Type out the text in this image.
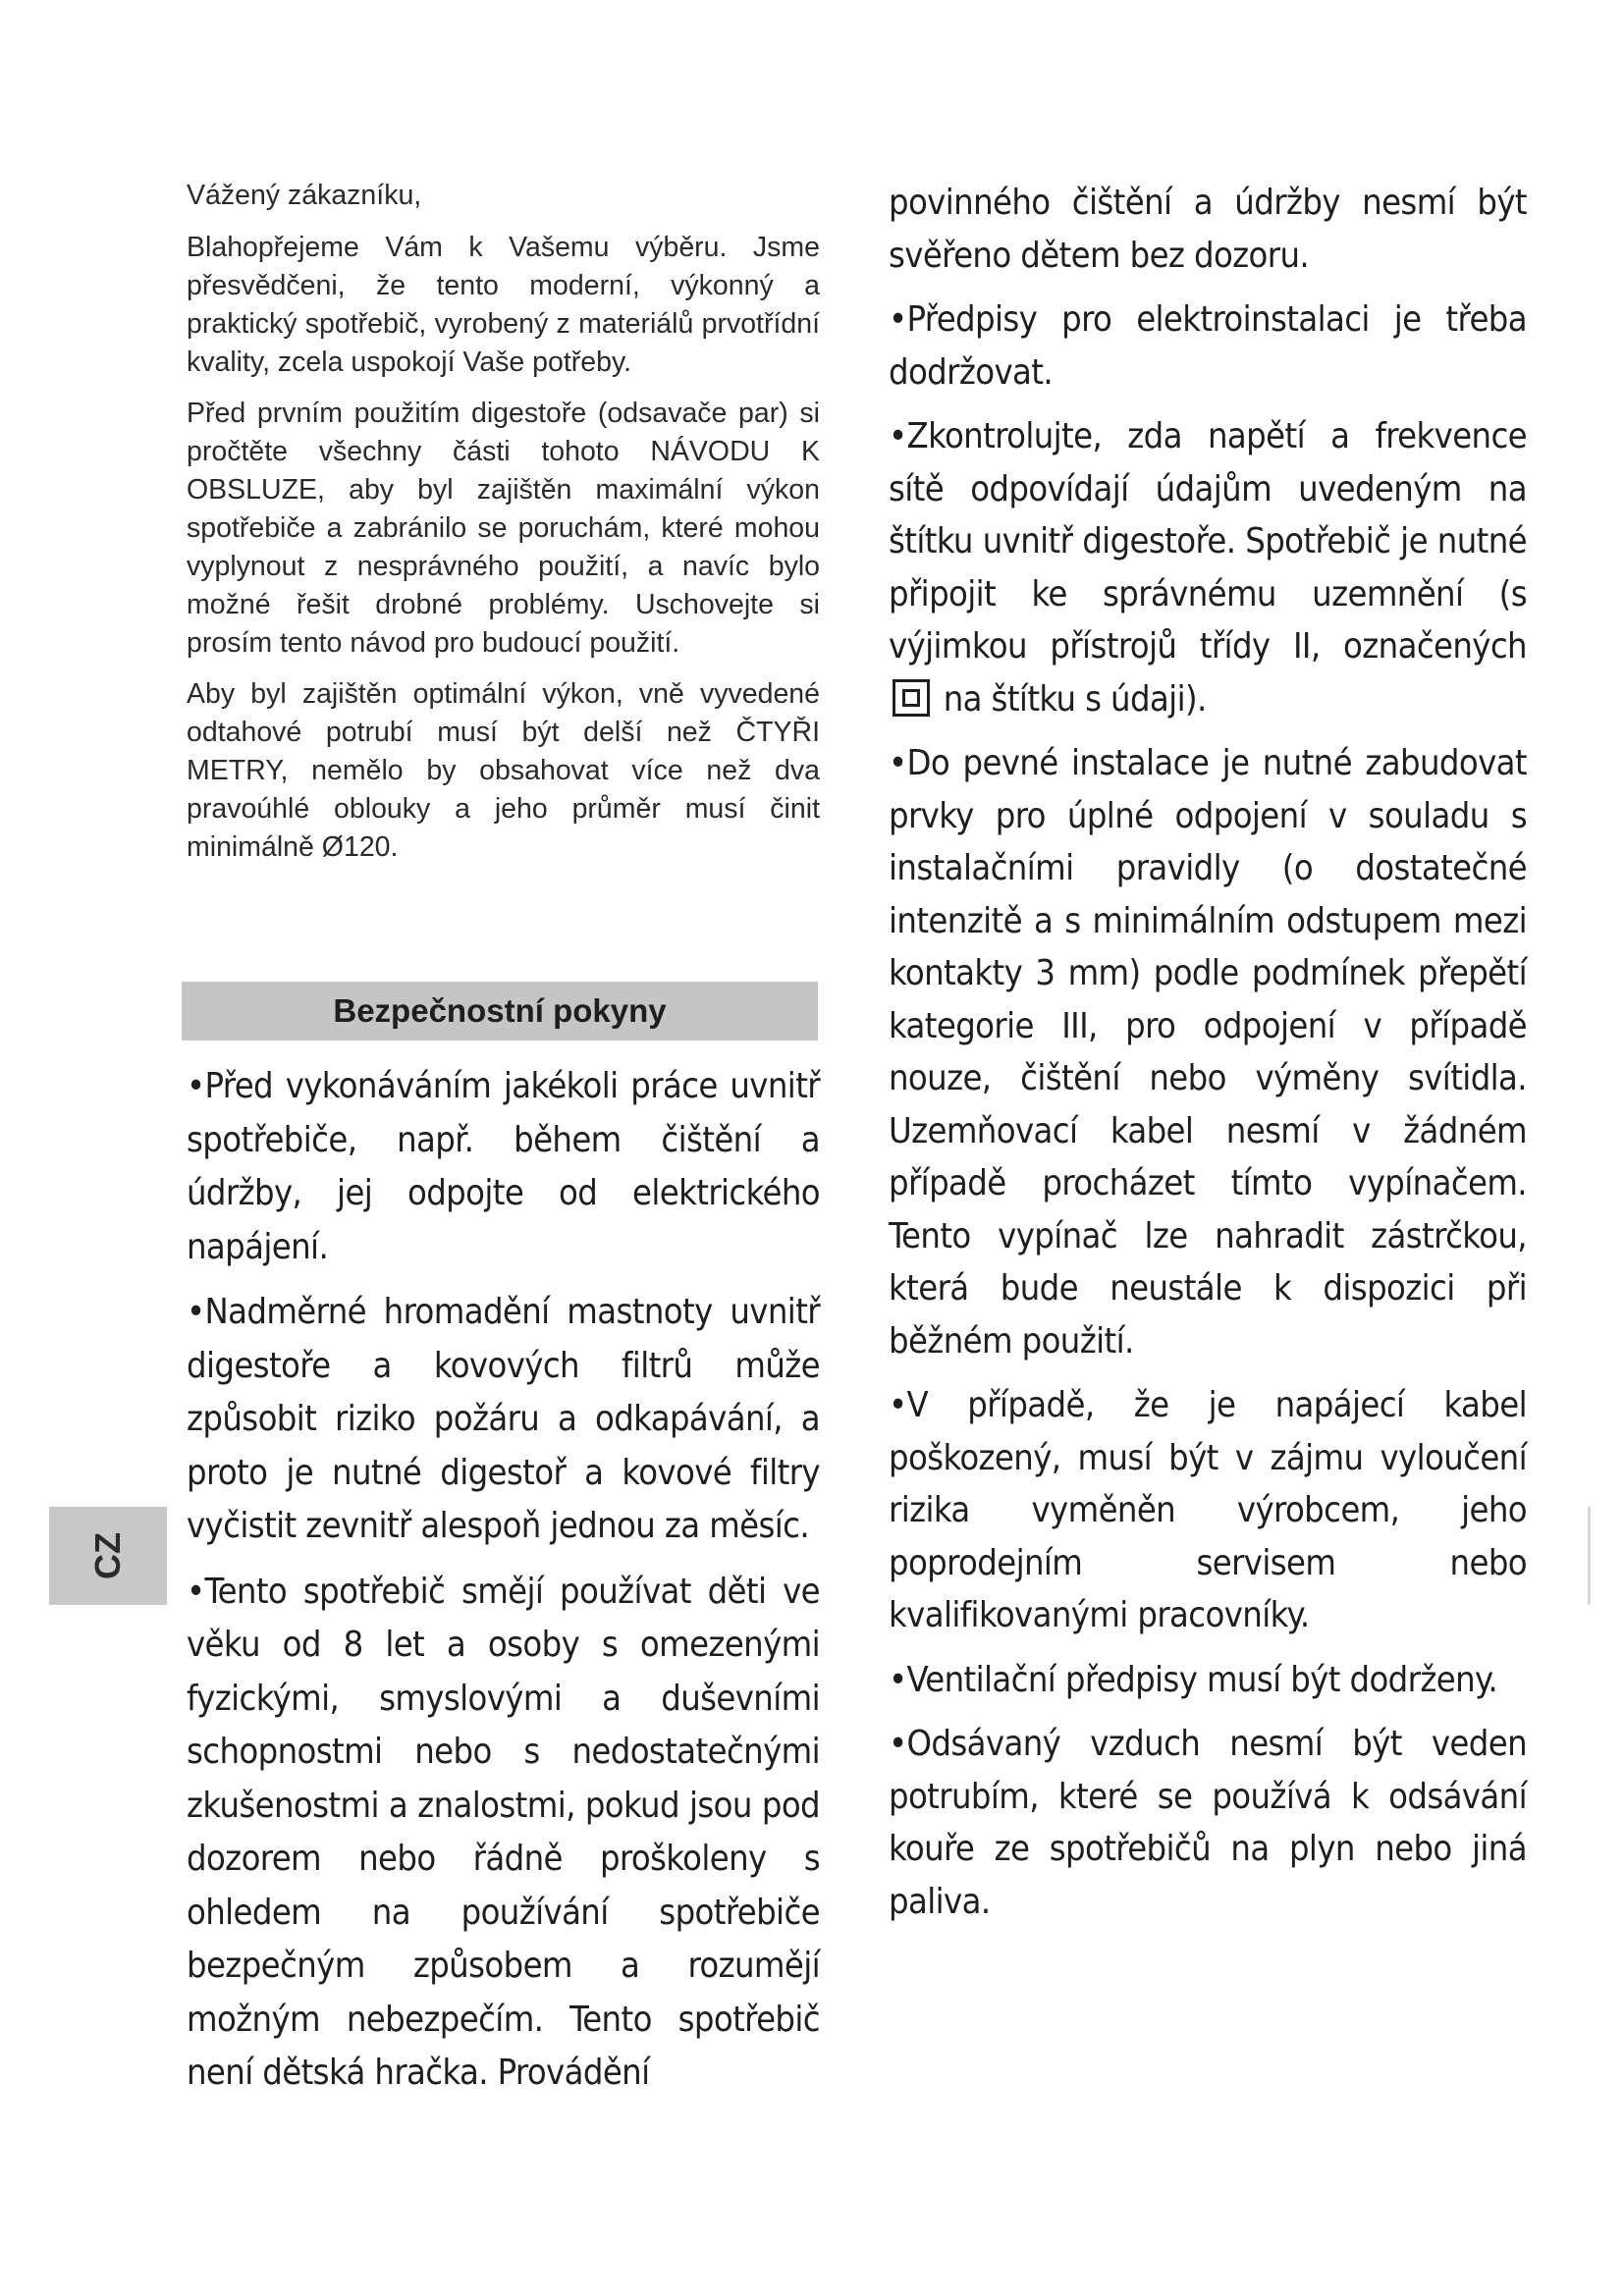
Vážený zákazníku,

Blahopřejeme Vám k Vašemu výběru. Jsme přesvědčeni, že tento moderní, výkonný a praktický spotřebič, vyrobený z materiálů prvotřídní kvality, zcela uspokojí Vaše potřeby.

Před prvním použitím digestoře (odsavače par) si pročtěte všechny části tohoto NÁVODU K OBSLUZE, aby byl zajištěn maximální výkon spotřebiče a zabránilo se poruchám, které mohou vyplynout z nesprávného použití, a navíc bylo možné řešit drobné problémy. Uschovejte si prosím tento návod pro budoucí použití.

Aby byl zajištěn optimální výkon, vně vyvedené odtahové potrubí musí být delší než ČTYŘI METRY, nemělo by obsahovat více než dva pravoúhlé oblouky a jeho průměr musí činit minimálně Ø120.

Bezpečnostní pokyny

•Před vykonáváním jakékoli práce uvnitř spotřebiče, např. během čištění a údržby, jej odpojte od elektrického napájení.

•Nadměrné hromadění mastnoty uvnitř digestoře a kovových filtrů může způsobit riziko požáru a odkapávání, a proto je nutné digestoř a kovové filtry vyčistit zevnitř alespoň jednou za měsíc.

•Tento spotřebič smějí používat děti ve věku od 8 let a osoby s omezenými fyzickými, smyslovými a duševními schopnostmi nebo s nedostatečnými zkušenostmi a znalostmi, pokud jsou pod dozorem nebo řádně proškoleny s ohledem na používání spotřebiče bezpečným způsobem a rozumějí možným nebezpečím. Tento spotřebič není dětská hračka. Provádění

povinného čištění a údržby nesmí být svěřeno dětem bez dozoru.

•Předpisy pro elektroinstalaci je třeba dodržovat.

•Zkontrolujte, zda napětí a frekvence sítě odpovídají údajům uvedeným na štítku uvnitř digestoře. Spotřebič je nutné připojit ke správnému uzemnění (s výjimkou přístrojů třídy II, označených  na štítku s údaji).

•Do pevné instalace je nutné zabudovat prvky pro úplné odpojení v souladu s instalačními pravidly (o dostatečné intenzitě a s minimálním odstupem mezi kontakty 3 mm) podle podmínek přepětí kategorie III, pro odpojení v případě nouze, čištění nebo výměny svítidla. Uzemňovací kabel nesmí v žádném případě procházet tímto vypínačem. Tento vypínač lze nahradit zástrčkou, která bude neustále k dispozici při běžném použití.

•V případě, že je napájecí kabel poškozený, musí být v zájmu vyloučení rizika vyměněn výrobcem, jeho poprodejním servisem nebo kvalifikovanými pracovníky.

•Ventilační předpisy musí být dodrženy.

•Odsávaný vzduch nesmí být veden potrubím, které se používá k odsávání kouře ze spotřebičů na plyn nebo jiná paliva.

CZ
